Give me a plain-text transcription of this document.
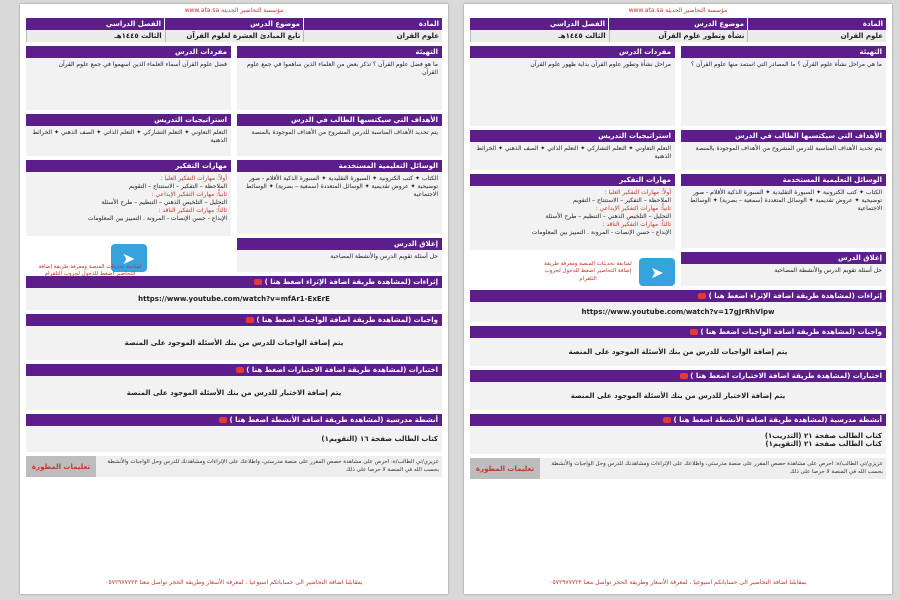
www.ata.sa مؤسسة التحاضير الحديثة
المادة
موضوع الدرس
الفصل الدراسي
علوم القران
تابع المبادئ العشرة لعلوم القرآن
الثالث ١٤٤٥هـ
التهيئة
ما هو فضل علوم القرآن ؟ تذكر بعض من العلماء الذين ساهموا في جمع علوم القرآن
مفردات الدرس
فضل علوم القرآن أسماء العلماء الذين اسهموا في جمع علوم القرآن
الأهداف التي سيكتسبها الطالب في الدرس
يتم تحديد الأهداف المناسبة للدرس المشروح من الأهداف الموجودة بالمنصة
استراتيجيات التدريس
التعلم التعاوني ✦ التعلم التشاركي ✦ التعلم الذاتي ✦ الصف الذهني ✦ الخرائط الذهنية
الوسائل التعليمية المستخدمة
الكتاب ✦ كتب الكترونية ✦ السبورة التقليدية ✦ السبورة الذكية الأقلام - صور توضيحية ✦ عروض تقديمية ✦ الوسائل المتعددة (سمعية – بصرية) ✦ الوسائط الاجتماعية
إغلاق الدرس
حل أسئلة تقويم الدرس والأنشطة المصاحبة
مهارات التفكير
أولاً: مهارات التفكير العليا :
الملاحظة – التفكير – الاستنتاج – التقويم
ثانياً: مهارات التفكير الإبداعي :
التحليل – التلخيص الذهني – التنظيم – طرح الأسئلة
ثالثاً: مهارات التفكير الناقد :
الإبداع - حسن الإنصات - المرونة . التمييز بين المعلومات
➤
إثراءات (لمشاهدة طريقة اضافة الإثراء اضغط هنا )
https://www.youtube.com/watch?v=mfAr1-ExErE
واجبات (لمشاهدة طريقة اضافة الواجبات اضغط هنا )
يتم إضافة الواجبات للدرس من بنك الأسئلة الموجود على المنصة
اختبارات (لمشاهدة طريقة اضافة الاختبارات اضغط هنا )
يتم إضافة الاختبار للدرس من بنك الأسئلة الموجود على المنصة
أنشطة مدرسية (لمشاهدة طريقة اضافة الأنشطة اضغط هنا )
كتاب الطالب صفحة ١٦ (التقويم١)
عزيزي/تي الطالب/ة: احرص على مشاهدة حصص المقرر على منصة مدرستي، واطلاعك على الإثراءات ومشاهدتك للدرس وحل الواجبات والأنشطة بحسب الله في المنصة لا حرصا على ذلك
تعليمات المطورة
بمقابلنا اضافة التحاضير الى حساباتكم اسبوعيا . لمعرفة الأسعار وطريقة الحجز تواصل معنا ٠٥٧٢٩٧٧٧٢٣
www.ata.sa مؤسسة التحاضير الحديثة
المادة
موضوع الدرس
الفصل الدراسي
علوم القران
نشأة وتطور علوم القرآن
الثالث ١٤٤٥هـ
التهيئة
ما هي مراحل نشأة علوم القرآن ؟ ما المصادر التي استمد منها علوم القرآن ؟
مفردات الدرس
مراحل نشأة وتطور علوم القرآن بداية ظهور علوم القرآن
الأهداف التي سيكتسبها الطالب في الدرس
يتم تحديد الأهداف المناسبة للدرس المشروح من الأهداف الموجودة بالمنصة
استراتيجيات التدريس
التعلم التعاوني ✦ التعلم التشاركي ✦ التعلم الذاتي ✦ الصف الذهني ✦ الخرائط الذهنية
الوسائل التعليمية المستخدمة
الكتاب ✦ كتب الكترونية ✦ السبورة التقليدية ✦ السبورة الذكية الأقلام - صور توضيحية ✦ عروض تقديمية ✦ الوسائل المتعددة (سمعية – بصرية) ✦ الوسائط الاجتماعية
إغلاق الدرس
حل أسئلة تقويم الدرس والأنشطة المصاحبة
مهارات التفكير
أولاً: مهارات التفكير العليا :
الملاحظة – التفكير – الاستنتاج – التقويم
ثانياً: مهارات التفكير الإبداعي :
التحليل – التلخيص الذهني – التنظيم – طرح الأسئلة
ثالثاً: مهارات التفكير الناقد :
الإبداع - حسن الإنصات - المرونة . التمييز بين المعلومات
➤
لمتابعة تحديثات المنصة ومعرفة طريقة إضافة التحاضير اضغط للدخول لجروب التلقرام
إثراءات (لمشاهدة طريقة اضافة الإثراء اضغط هنا )
https://www.youtube.com/watch?v=17gJrRhVlpw
واجبات (لمشاهدة طريقة اضافة الواجبات اضغط هنا )
يتم إضافة الواجبات للدرس من بنك الأسئلة الموجود على المنصة
اختبارات (لمشاهدة طريقة اضافة الاختبارات اضغط هنا )
يتم إضافة الاختبار للدرس من بنك الأسئلة الموجود على المنصة
أنشطة مدرسية (لمشاهدة طريقة اضافة الأنشطة اضغط هنا )
كتاب الطالب صفحة ٢١ (التدريب١)
كتاب الطالب صفحة ٢١ (التقويم١)
عزيزي/تي الطالب/ة: احرص على مشاهدة حصص المقرر على منصة مدرستي، واطلاعك على الإثراءات ومشاهدتك للدرس وحل الواجبات والأنشطة بحسب الله في المنصة لا حرصا على ذلك
تعليمات المطورة
بمقابلنا اضافة التحاضير الى حساباتكم اسبوعيا . لمعرفة الأسعار وطريقة الحجز تواصل معنا ٠٥٧٢٩٧٧٧٢٣
لمتابعة تحديثات المنصة ومعرفة طريقة إضافة التحاضير اضغط للدخول لجروب التلقرام
